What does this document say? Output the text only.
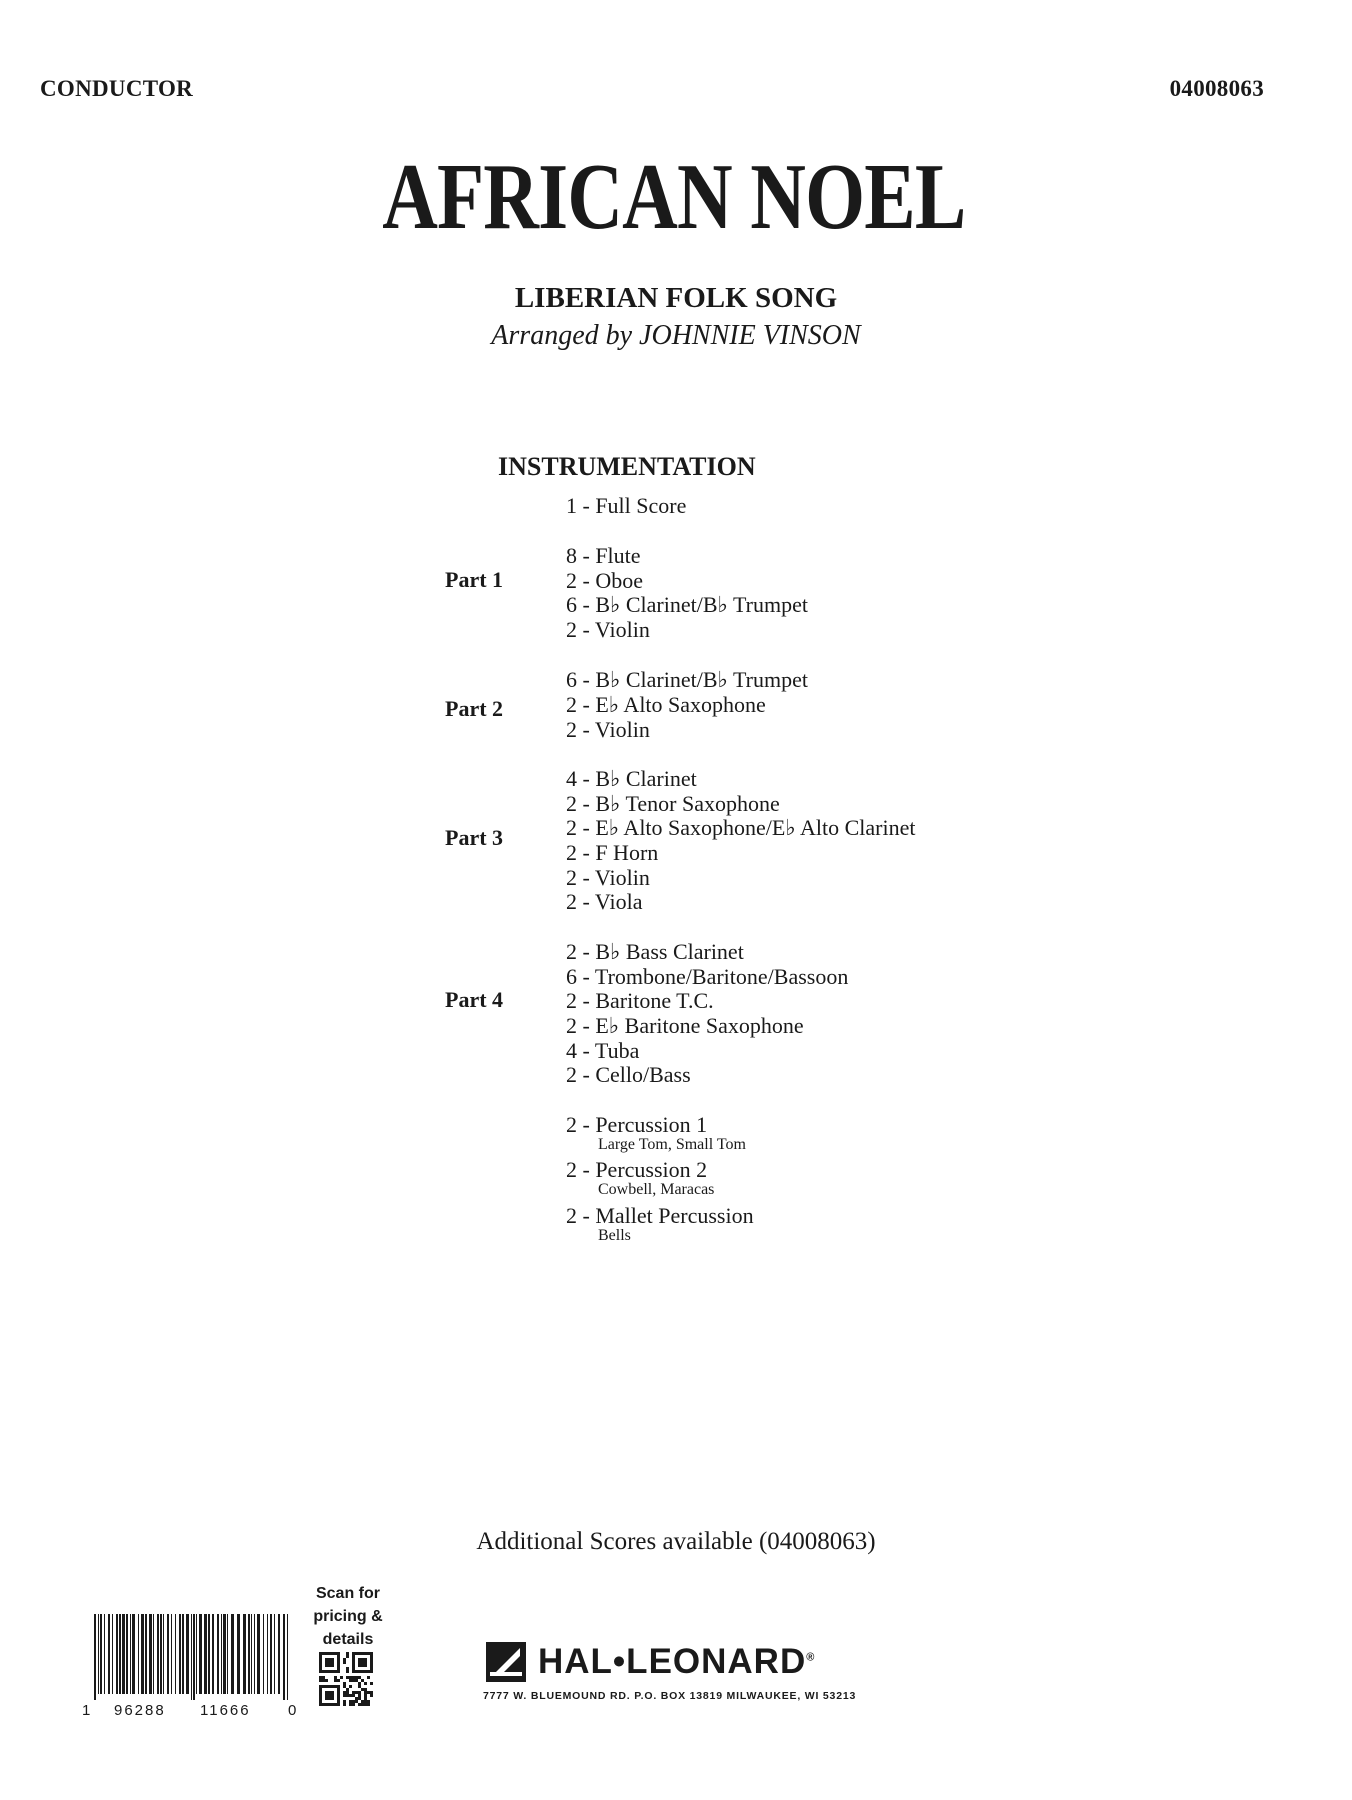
CONDUCTOR	04008063
AFRICAN NOEL
LIBERIAN FOLK SONG
Arranged by JOHNNIE VINSON
INSTRUMENTATION
1 - Full Score
8 - Flute
2 - Oboe
6 - B♭ Clarinet/B♭ Trumpet
2 - Violin
6 - B♭ Clarinet/B♭ Trumpet
2 - E♭ Alto Saxophone
2 - Violin
4 - B♭ Clarinet
2 - B♭ Tenor Saxophone
2 - E♭ Alto Saxophone/E♭ Alto Clarinet
2 - F Horn
2 - Violin
2 - Viola
2 - B♭ Bass Clarinet
6 - Trombone/Baritone/Bassoon
2 - Baritone T.C.
2 - E♭ Baritone Saxophone
4 - Tuba
2 - Cello/Bass
2 - Percussion 1
Large Tom, Small Tom
2 - Percussion 2
Cowbell, Maracas
2 - Mallet Percussion
Bells
Part 1
Part 2
Part 3
Part 4
Additional Scores available (04008063)
1 96288 11666 0
Scan for
pricing &
details
HAL•LEONARD®
7777 W. BLUEMOUND RD. P.O. BOX 13819 MILWAUKEE, WI 53213
